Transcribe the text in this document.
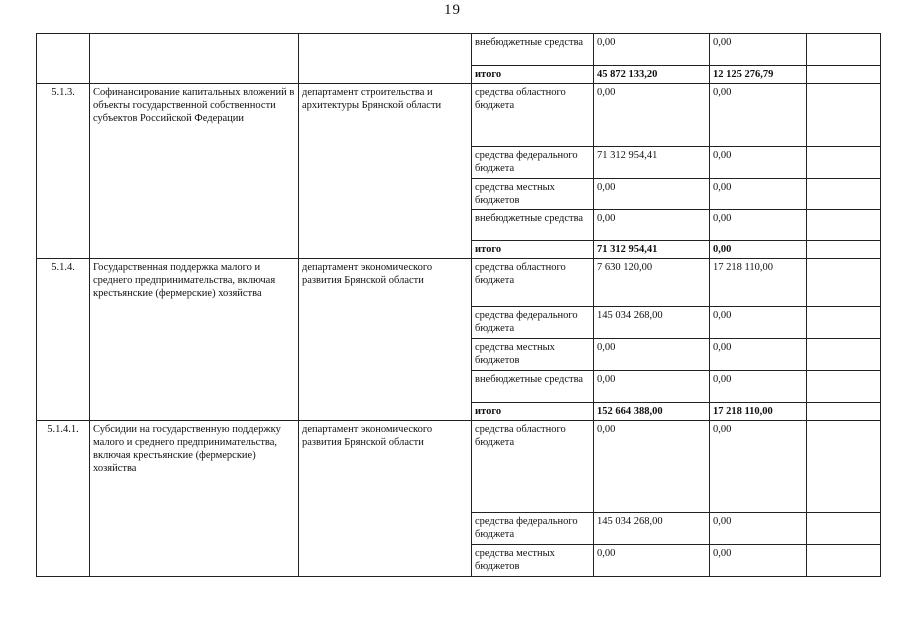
19
			внебюджетные средства	0,00	0,00	
			итого	45 872 133,20	12 125 276,79	
5.1.3.	Софинансирование капитальных вложений в объекты государственной собственности субъектов Российской Федерации	департамент строительства и архитектуры Брянской области	средства областного бюджета	0,00	0,00	
			средства федерального бюджета	71 312 954,41	0,00	
			средства местных бюджетов	0,00	0,00	
			внебюджетные средства	0,00	0,00	
			итого	71 312 954,41	0,00	
5.1.4.	Государственная поддержка малого и среднего предпринимательства, включая крестьянские (фермерские) хозяйства	департамент экономического развития Брянской области	средства областного бюджета	7 630 120,00	17 218 110,00	
			средства федерального бюджета	145 034 268,00	0,00	
			средства местных бюджетов	0,00	0,00	
			внебюджетные средства	0,00	0,00	
			итого	152 664 388,00	17 218 110,00	
5.1.4.1.	Субсидии на государственную поддержку малого и среднего предпринимательства, включая крестьянские (фермерские) хозяйства	департамент экономического развития Брянской области	средства областного бюджета	0,00	0,00	
			средства федерального бюджета	145 034 268,00	0,00	
			средства местных бюджетов	0,00	0,00	
